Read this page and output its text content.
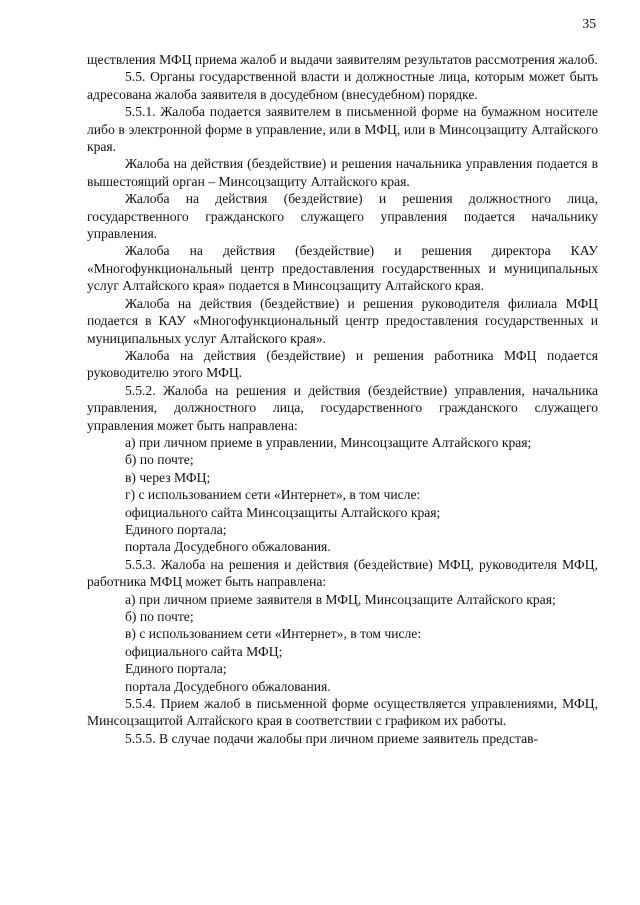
35

ществления МФЦ приема жалоб и выдачи заявителям результатов рассмотрения жалоб.

5.5. Органы государственной власти и должностные лица, которым может быть адресована жалоба заявителя в досудебном (внесудебном) порядке.

5.5.1. Жалоба подается заявителем в письменной форме на бумажном носителе либо в электронной форме в управление, или в МФЦ, или в Минсоцзащиту Алтайского края.

Жалоба на действия (бездействие) и решения начальника управления подается в вышестоящий орган – Минсоцзащиту Алтайского края.

Жалоба на действия (бездействие) и решения должностного лица, государственного гражданского служащего управления подается начальнику управления.

Жалоба на действия (бездействие) и решения директора КАУ «Многофункциональный центр предоставления государственных и муниципальных услуг Алтайского края» подается в Минсоцзащиту Алтайского края.

Жалоба на действия (бездействие) и решения руководителя филиала МФЦ подается в КАУ «Многофункциональный центр предоставления государственных и муниципальных услуг Алтайского края».

Жалоба на действия (бездействие) и решения работника МФЦ подается руководителю этого МФЦ.

5.5.2. Жалоба на решения и действия (бездействие) управления, начальника управления, должностного лица, государственного гражданского служащего управления может быть направлена:

а) при личном приеме в управлении, Минсоцзащите Алтайского края;

б) по почте;

в) через МФЦ;

г) с использованием сети «Интернет», в том числе:

официального сайта Минсоцзащиты Алтайского края;

Единого портала;

портала Досудебного обжалования.

5.5.3. Жалоба на решения и действия (бездействие) МФЦ, руководителя МФЦ, работника МФЦ может быть направлена:

а) при личном приеме заявителя в МФЦ, Минсоцзащите Алтайского края;

б) по почте;

в) с использованием сети «Интернет», в том числе:

официального сайта МФЦ;

Единого портала;

портала Досудебного обжалования.

5.5.4. Прием жалоб в письменной форме осуществляется управлениями, МФЦ, Минсоцзащитой Алтайского края в соответствии с графиком их работы.

5.5.5. В случае подачи жалобы при личном приеме заявитель представ-
